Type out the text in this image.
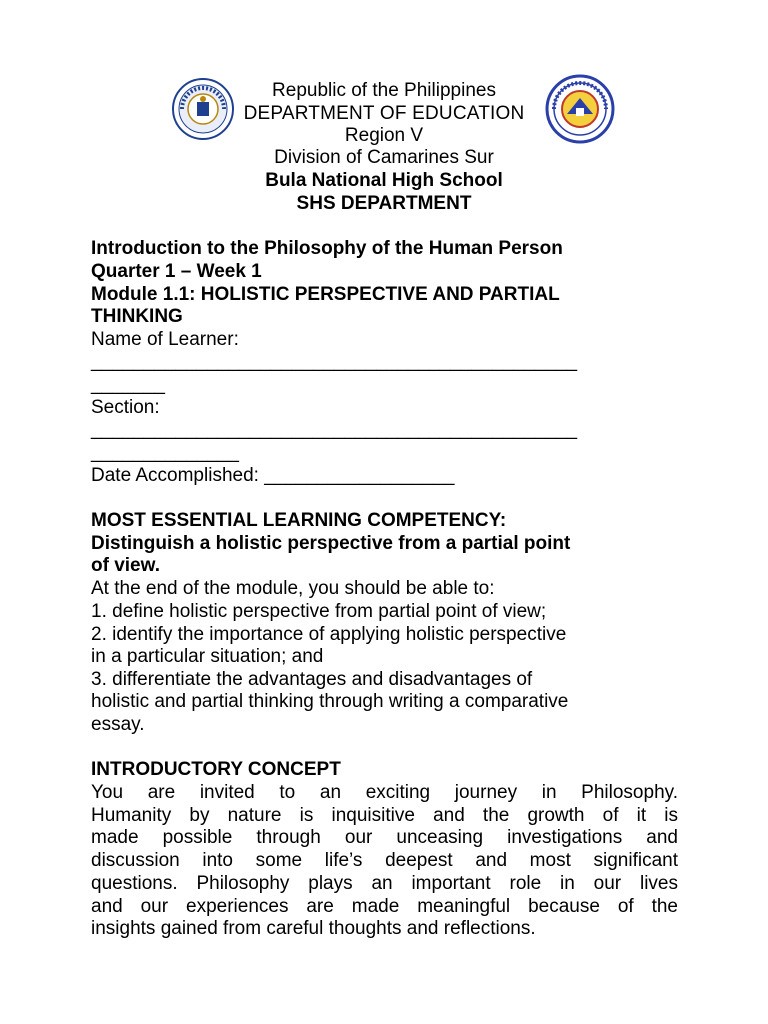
Republic of the Philippines
DEPARTMENT OF EDUCATION
Region V
Division of Camarines Sur
Bula National High School
SHS DEPARTMENT
Introduction to the Philosophy of the Human Person
Quarter 1 – Week 1
Module 1.1: HOLISTIC PERSPECTIVE AND PARTIAL
THINKING
Name of Learner:
______________________________________________
_______
Section:
______________________________________________
______________
Date Accomplished: __________________
MOST ESSENTIAL LEARNING COMPETENCY:
Distinguish a holistic perspective from a partial point
of view.
At the end of the module, you should be able to:
1. define holistic perspective from partial point of view;
2. identify the importance of applying holistic perspective
in a particular situation; and
3. differentiate the advantages and disadvantages of
holistic and partial thinking through writing a comparative
essay.
INTRODUCTORY CONCEPT
You are invited to an exciting journey in Philosophy.
Humanity by nature is inquisitive and the growth of it is
made possible through our unceasing investigations and
discussion into some life’s deepest and most significant
questions. Philosophy plays an important role in our lives
and our experiences are made meaningful because of the
insights gained from careful thoughts and reflections.
